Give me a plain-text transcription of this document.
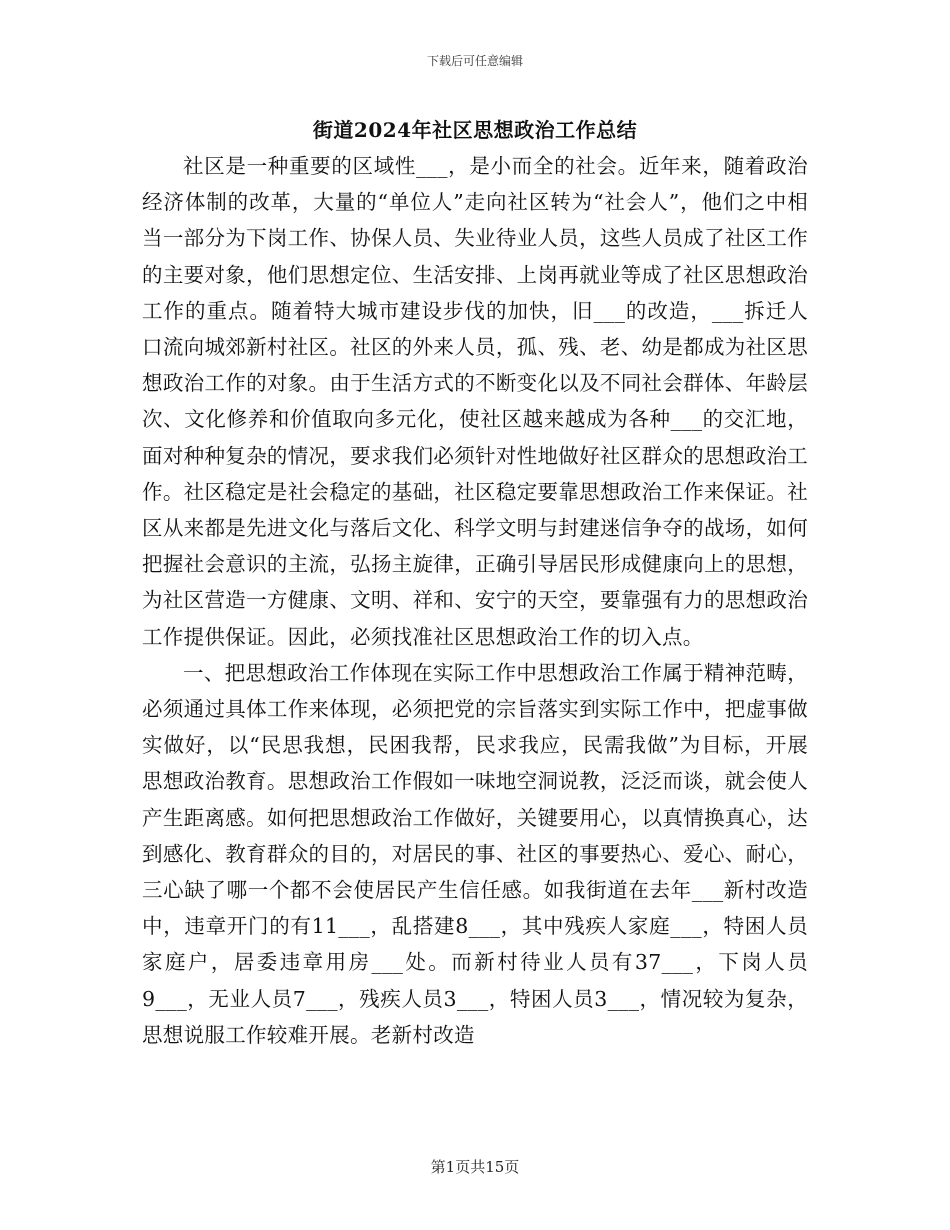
下载后可任意编辑
街道2024年社区思想政治工作总结

社区是一种重要的区域性___，是小而全的社会。近年来，随着政治经济体制的改革，大量的“单位人”走向社区转为“社会人”，他们之中相当一部分为下岗工作、协保人员、失业待业人员，这些人员成了社区工作的主要对象，他们思想定位、生活安排、上岗再就业等成了社区思想政治工作的重点。随着特大城市建设步伐的加快，旧___的改造，___拆迁人口流向城郊新村社区。社区的外来人员，孤、残、老、幼是都成为社区思想政治工作的对象。由于生活方式的不断变化以及不同社会群体、年龄层次、文化修养和价值取向多元化，使社区越来越成为各种___的交汇地，面对种种复杂的情况，要求我们必须针对性地做好社区群众的思想政治工作。社区稳定是社会稳定的基础，社区稳定要靠思想政治工作来保证。社区从来都是先进文化与落后文化、科学文明与封建迷信争夺的战场，如何把握社会意识的主流，弘扬主旋律，正确引导居民形成健康向上的思想，为社区营造一方健康、文明、祥和、安宁的天空，要靠强有力的思想政治工作提供保证。因此，必须找准社区思想政治工作的切入点。

一、把思想政治工作体现在实际工作中思想政治工作属于精神范畴，必须通过具体工作来体现，必须把党的宗旨落实到实际工作中，把虚事做实做好，以“民思我想，民困我帮，民求我应，民需我做”为目标，开展思想政治教育。思想政治工作假如一味地空洞说教，泛泛而谈，就会使人产生距离感。如何把思想政治工作做好，关键要用心，以真情换真心，达到感化、教育群众的目的，对居民的事、社区的事要热心、爱心、耐心，三心缺了哪一个都不会使居民产生信任感。如我街道在去年___新村改造中，违章开门的有11___，乱搭建8___，其中残疾人家庭___，特困人员家庭户，居委违章用房___处。而新村待业人员有37___，下岗人员9___，无业人员7___，残疾人员3___，特困人员3___，情况较为复杂，思想说服工作较难开展。老新村改造

第1页共15页
